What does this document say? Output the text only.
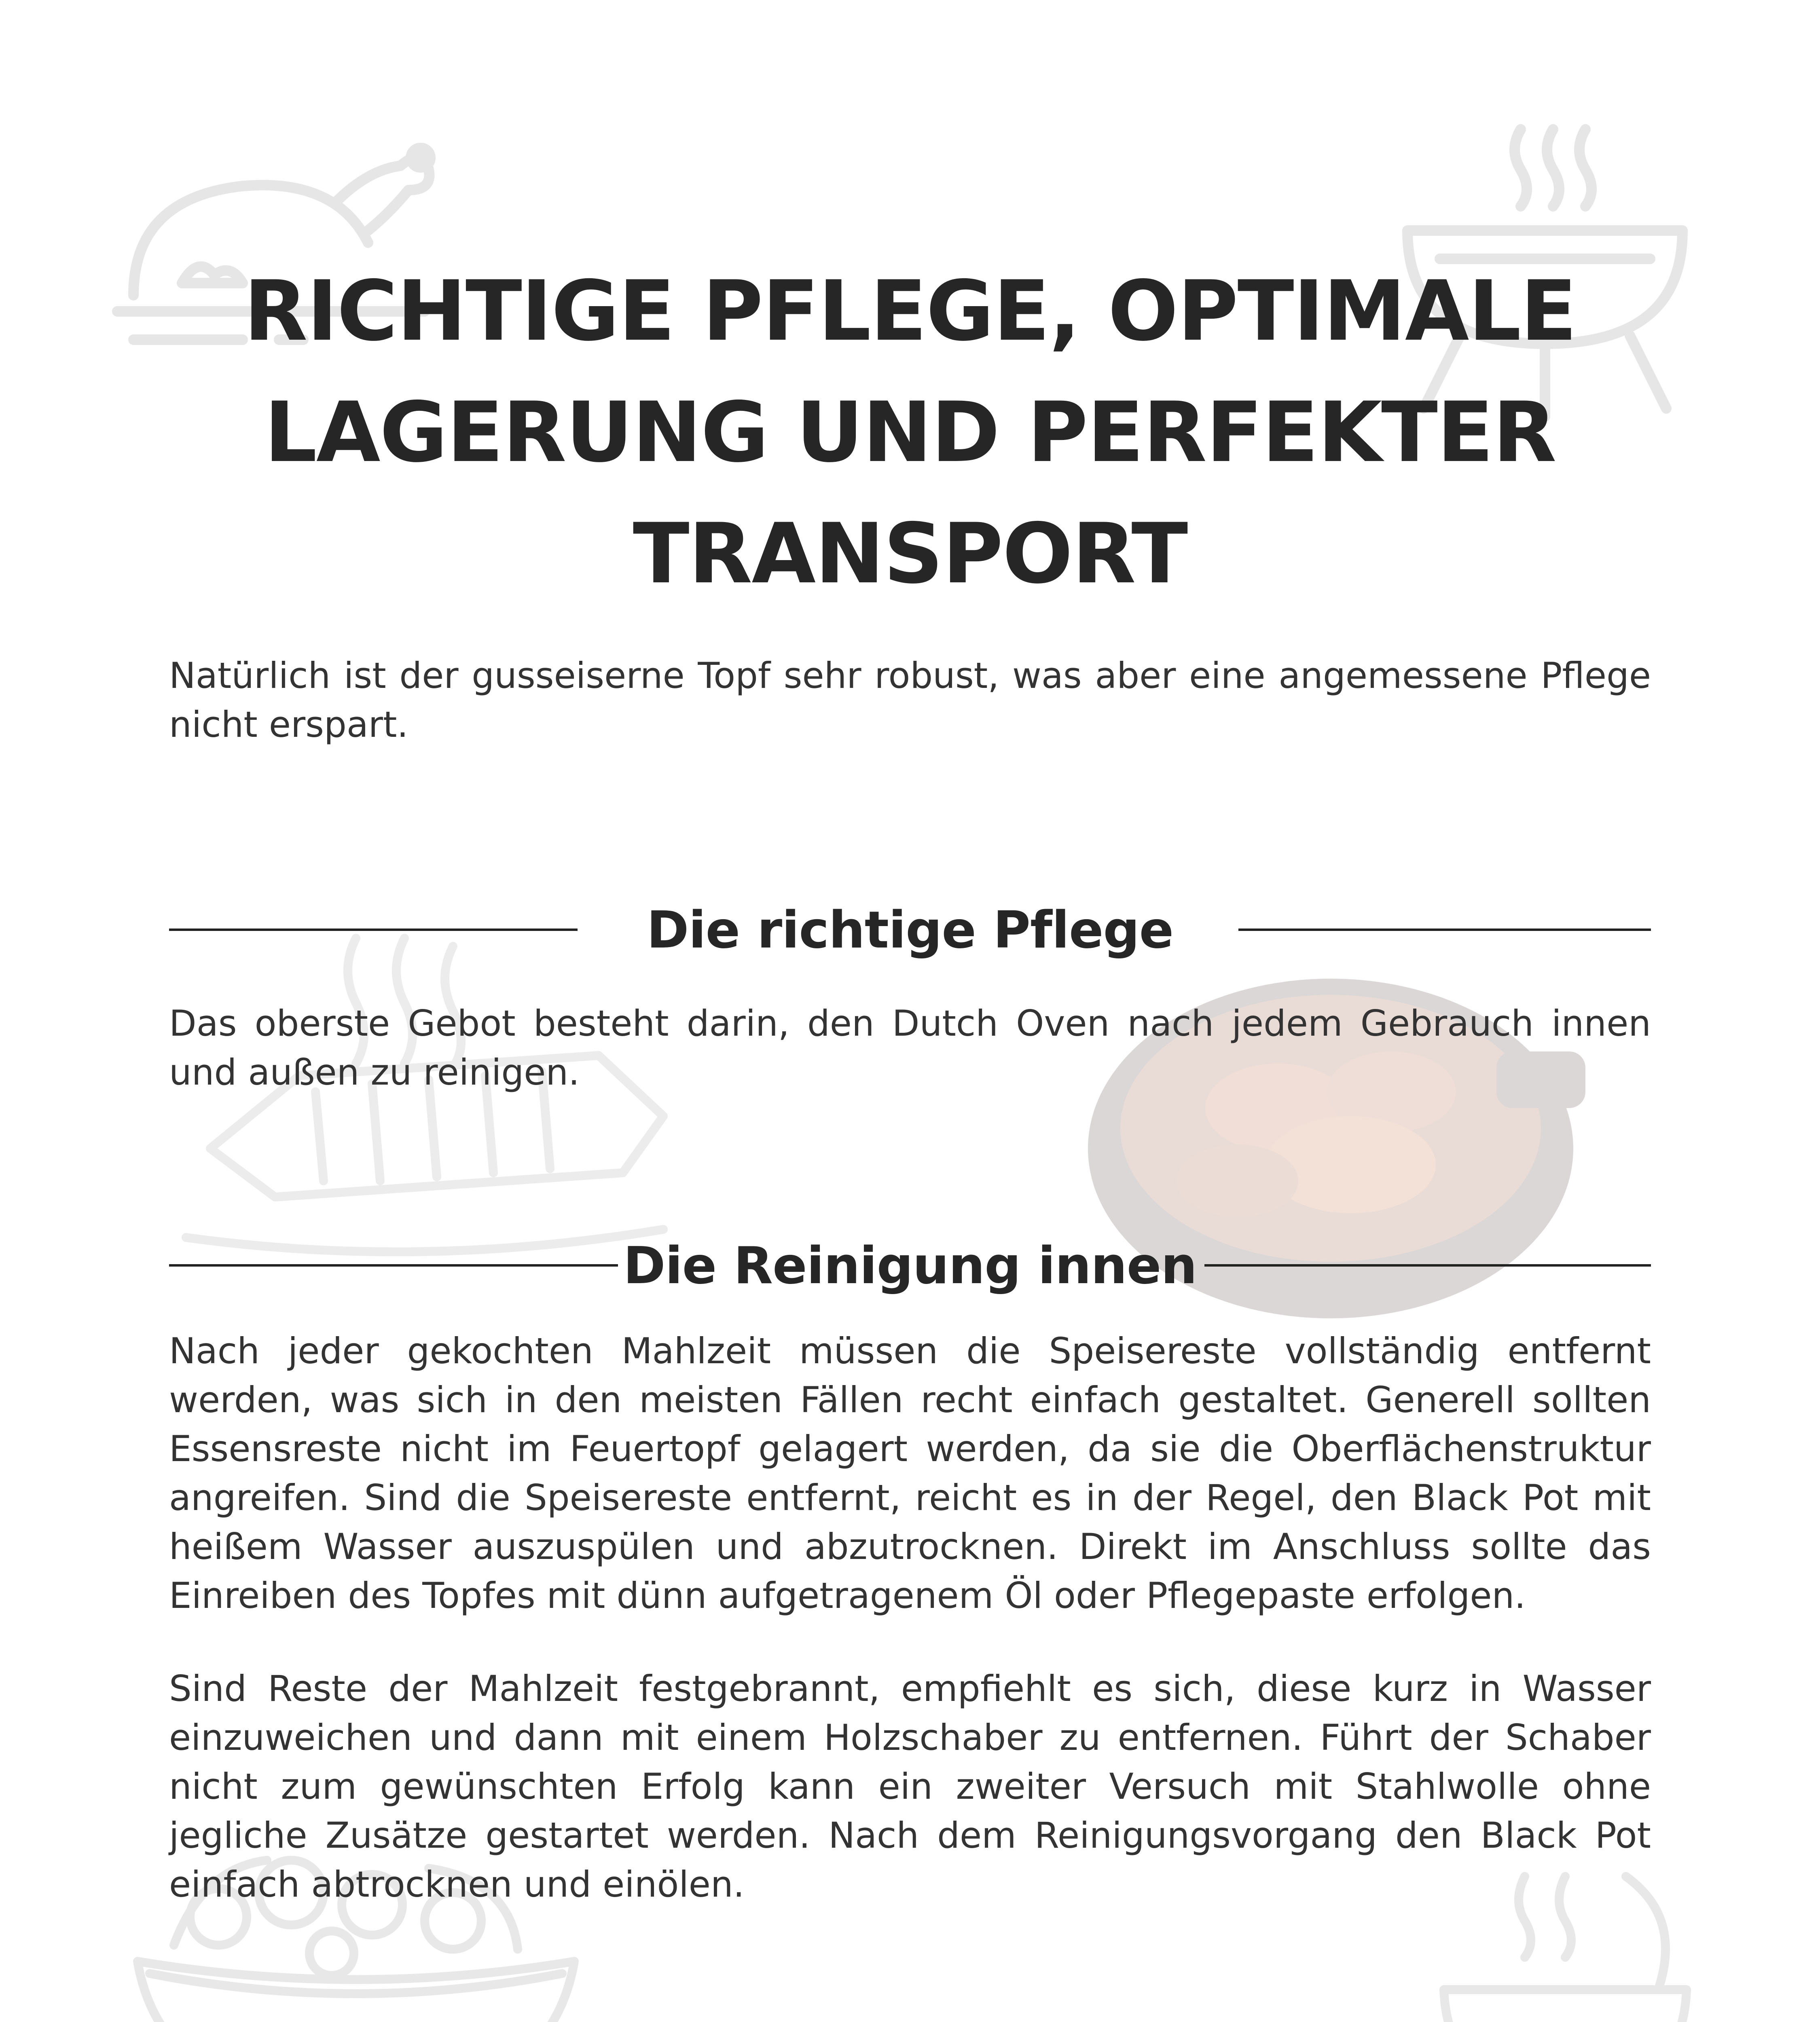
RICHTIGE PFLEGE, OPTIMALE
LAGERUNG UND PERFEKTER
TRANSPORT

Natürlich ist der gusseiserne Topf sehr robust, was aber eine angemessene Pflege nicht erspart.

Die richtige Pflege

Das oberste Gebot besteht darin, den Dutch Oven nach jedem Gebrauch innen und außen zu reinigen.

Die Reinigung innen

Nach jeder gekochten Mahlzeit müssen die Speisereste vollständig entfernt werden, was sich in den meisten Fällen recht einfach gestaltet. Generell sollten Essensreste nicht im Feuertopf gelagert werden, da sie die Oberflächenstruktur angreifen. Sind die Speisereste entfernt, reicht es in der Regel, den Black Pot mit heißem Wasser auszuspülen und abzutrocknen. Direkt im Anschluss sollte das Einreiben des Topfes mit dünn aufgetragenem Öl oder Pflegepaste erfolgen.

Sind Reste der Mahlzeit festgebrannt, empfiehlt es sich, diese kurz in Wasser einzuweichen und dann mit einem Holzschaber zu entfernen. Führt der Schaber nicht zum gewünschten Erfolg kann ein zweiter Versuch mit Stahlwolle ohne jegliche Zusätze gestartet werden. Nach dem Reinigungsvorgang den Black Pot einfach abtrocknen und einölen.
